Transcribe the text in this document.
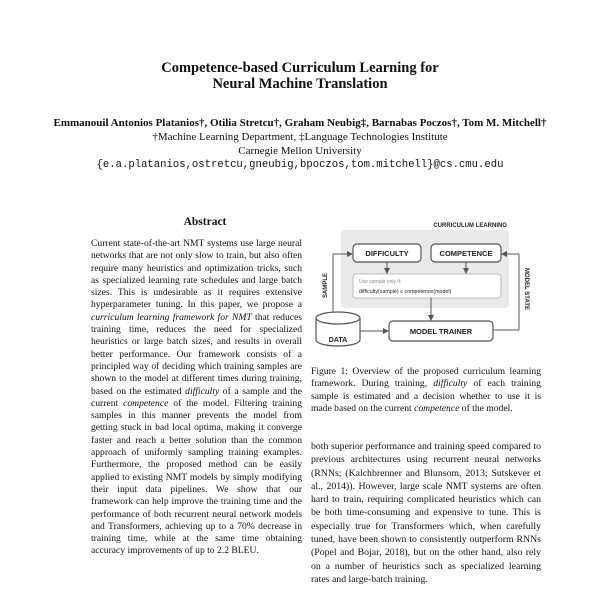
Competence-based Curriculum Learning for
Neural Machine Translation
Emmanouil Antonios Platanios†, Otilia Stretcu†, Graham Neubig‡, Barnabas Poczos†, Tom M. Mitchell†
†Machine Learning Department, ‡Language Technologies Institute
Carnegie Mellon University
{e.a.platanios,ostretcu,gneubig,bpoczos,tom.mitchell}@cs.cmu.edu
Abstract

Current state-of-the-art NMT systems use large neural networks that are not only slow to train, but also often require many heuristics and optimization tricks, such as specialized learning rate schedules and large batch sizes. This is undesirable as it requires extensive hyperparameter tuning. In this paper, we propose a curriculum learning framework for NMT that reduces training time, reduces the need for specialized heuristics or large batch sizes, and results in overall better performance. Our framework consists of a principled way of deciding which training samples are shown to the model at different times during training, based on the estimated difficulty of a sample and the current competence of the model. Filtering training samples in this manner prevents the model from getting stuck in bad local optima, making it converge faster and reach a better solution than the common approach of uniformly sampling training examples. Furthermore, the proposed method can be easily applied to existing NMT models by simply modifying their input data pipelines. We show that our framework can help improve the training time and the performance of both recurrent neural network models and Transformers, achieving up to a 70% decrease in training time, while at the same time obtaining accuracy improvements of up to 2.2 BLEU.

CURRICULUM LEARNING
DIFFICULTY	COMPETENCE
Use sample only if:
difficulty(sample) ≤ competence(model)
SAMPLE	MODEL STATE
DATA
MODEL TRAINER

Figure 1: Overview of the proposed curriculum learning framework. During training, difficulty of each training sample is estimated and a decision whether to use it is made based on the current competence of the model.

both superior performance and training speed compared to previous architectures using recurrent neural networks (RNNs; (Kalchbrenner and Blunsom, 2013; Sutskever et al., 2014)). However, large scale NMT systems are often hard to train, requiring complicated heuristics which can be both time-consuming and expensive to tune. This is especially true for Transformers which, when carefully tuned, have been shown to consistently outperform RNNs (Popel and Bojar, 2018), but on the other hand, also rely on a number of heuristics such as specialized learning rates and large-batch training.
